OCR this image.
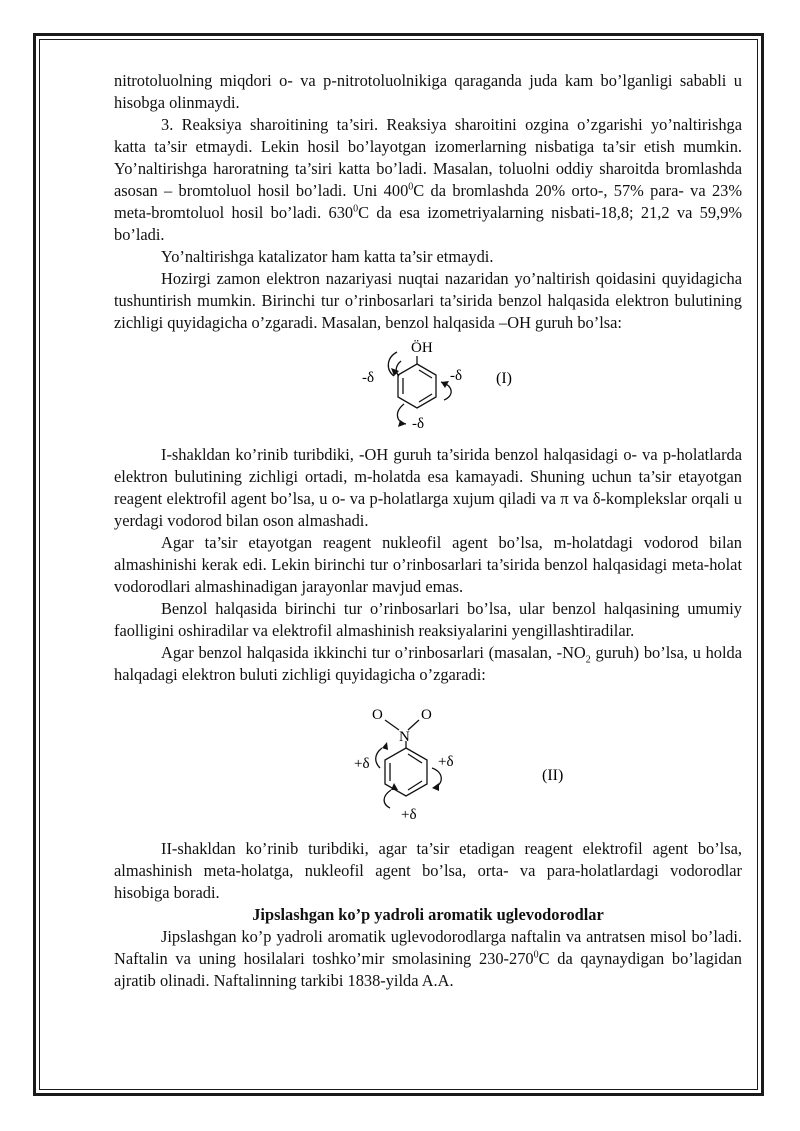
nitrotoluolning miqdori o- va p-nitrotoluolnikiga qaraganda juda kam bo’lganligi sababli u hisobga olinmaydi.

3. Reaksiya sharoitining ta’siri. Reaksiya sharoitini ozgina o’zgarishi yo’naltirishga katta ta’sir etmaydi. Lekin hosil bo’layotgan izomerlarning nisbatiga ta’sir etish mumkin. Yo’naltirishga haroratning ta’siri katta bo’ladi. Masalan, toluolni oddiy sharoitda bromlashda asosan – bromtoluol hosil bo’ladi. Uni $400^0C$ da bromlashda 20% orto-, 57% para- va 23% meta-bromtoluol hosil bo’ladi. $630^0C$ da esa izometriyalarning nisbati-18,8; 21,2 va 59,9% bo’ladi.

Yo’naltirishga katalizator ham katta ta’sir etmaydi.

Hozirgi zamon elektron nazariyasi nuqtai nazaridan yo’naltirish qoidasini quyidagicha tushuntirish mumkin. Birinchi tur o’rinbosarlari ta’sirida benzol halqasida elektron bulutining zichligi quyidagicha o’zgaradi. Masalan, benzol halqasida –OH guruh bo’lsa:

ÖH
-δ	-δ
-δ
(I)

I-shakldan ko’rinib turibdiki, -OH guruh ta’sirida benzol halqasidagi o- va p-holatlarda elektron bulutining zichligi ortadi, m-holatda esa kamayadi. Shuning uchun ta’sir etayotgan reagent elektrofil agent bo’lsa, u o- va p-holatlarga xujum qiladi va π va δ-komplekslar orqali u yerdagi vodorod bilan oson almashadi.

Agar ta’sir etayotgan reagent nukleofil agent bo’lsa, m-holatdagi vodorod bilan almashinishi kerak edi. Lekin birinchi tur o’rinbosarlari ta’sirida benzol halqasidagi meta-holat vodorodlari almashinadigan jarayonlar mavjud emas.

Benzol halqasida birinchi tur o’rinbosarlari bo’lsa, ular benzol halqasining umumiy faolligini oshiradilar va elektrofil almashinish reaksiyalarini yengillashtiradilar.

Agar benzol halqasida ikkinchi tur o’rinbosarlari (masalan, $-NO_2$ guruh) bo’lsa, u holda halqadagi elektron buluti zichligi quyidagicha o’zgaradi:

O	O
N
+δ	+δ
+δ
(II)

II-shakldan ko’rinib turibdiki, agar ta’sir etadigan reagent elektrofil agent bo’lsa, almashinish meta-holatga, nukleofil agent bo’lsa, orta- va para-holatlardagi vodorodlar hisobiga boradi.

Jipslashgan ko’p yadroli aromatik uglevodorodlar

Jipslashgan ko’p yadroli aromatik uglevodorodlarga naftalin va antratsen misol bo’ladi. Naftalin va uning hosilalari toshko’mir smolasining $230-270^0C$ da qaynaydigan bo’lagidan ajratib olinadi. Naftalinning tarkibi 1838-yilda A.A.
